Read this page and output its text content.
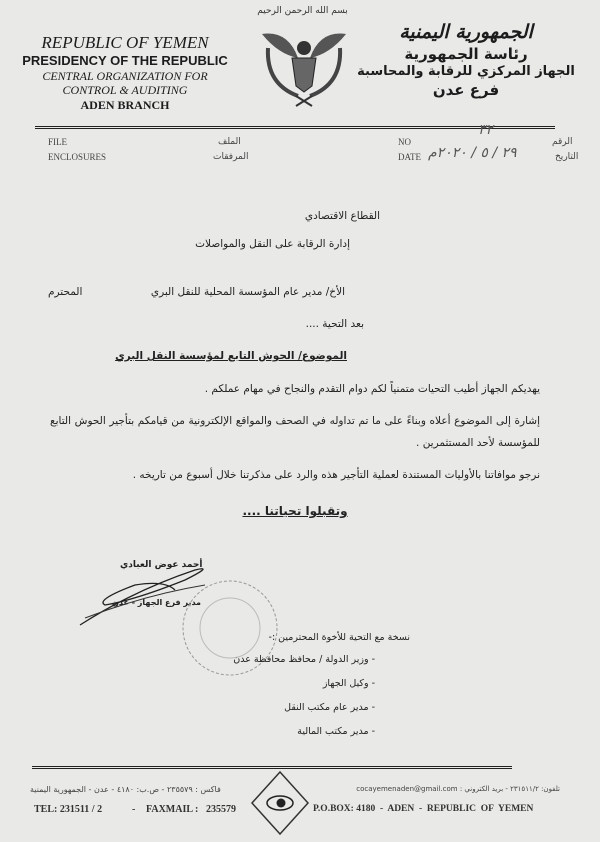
بسم الله الرحمن الرحيم
REPUBLIC OF YEMEN
PRESIDENCY OF THE REPUBLIC
CENTRAL ORGANIZATION FOR
CONTROL & AUDITING
ADEN BRANCH
الجمهورية اليمنية
رئاسة الجمهورية
الجهاز المركزي للرقابة والمحاسبة
فرع عدن
FILE	الملف
ENCLOSURES	المرفقات
NO
٣٢
الرقم
DATE ٢٩ / ٥ / ٢٠٢٠م	التاريخ
القطاع الاقتصادي
إدارة الرقابة على النقل والمواصلات
الأخ/ مدير عام المؤسسة المحلية للنقل البري
المحترم
بعد التحية ....
الموضوع/ الحوش التابع لمؤسسة النقل البري

يهديكم الجهاز أطيب التحيات متمنياً لكم دوام التقدم والنجاح في مهام عملكم .

إشارة إلى الموضوع أعلاه وبناءً على ما تم تداوله في الصحف والمواقع الإلكترونية من قيامكم بتأجير الحوش التابع للمؤسسة لأحد المستثمرين .

نرجو موافاتنا بالأوليات المستندة لعملية التأجير هذه والرد على مذكرتنا خلال أسبوع من تاريخه .

وتقبلوا تحياتنا ....

أحمد عوض العبادي
مدير فرع الجهاز - عدن
نسخة مع التحية للأخوة المحترمين :-
- وزير الدولة / محافظ محافظة عدن
- وكيل الجهاز
- مدير عام مكتب النقل
- مدير مكتب المالية
فاكس : ٢٣٥٥٧٩ - ص.ب: ٤١٨٠ - عدن - الجمهورية اليمنية	تلفون: ٢٣١٥١١/٢ - بريد الكتروني : cocayemenaden@gmail.com
TEL: 231511 / 2	- FAXMAIL : 235579	P.O.BOX: 4180  -  ADEN  -  REPUBLIC  OF  YEMEN
